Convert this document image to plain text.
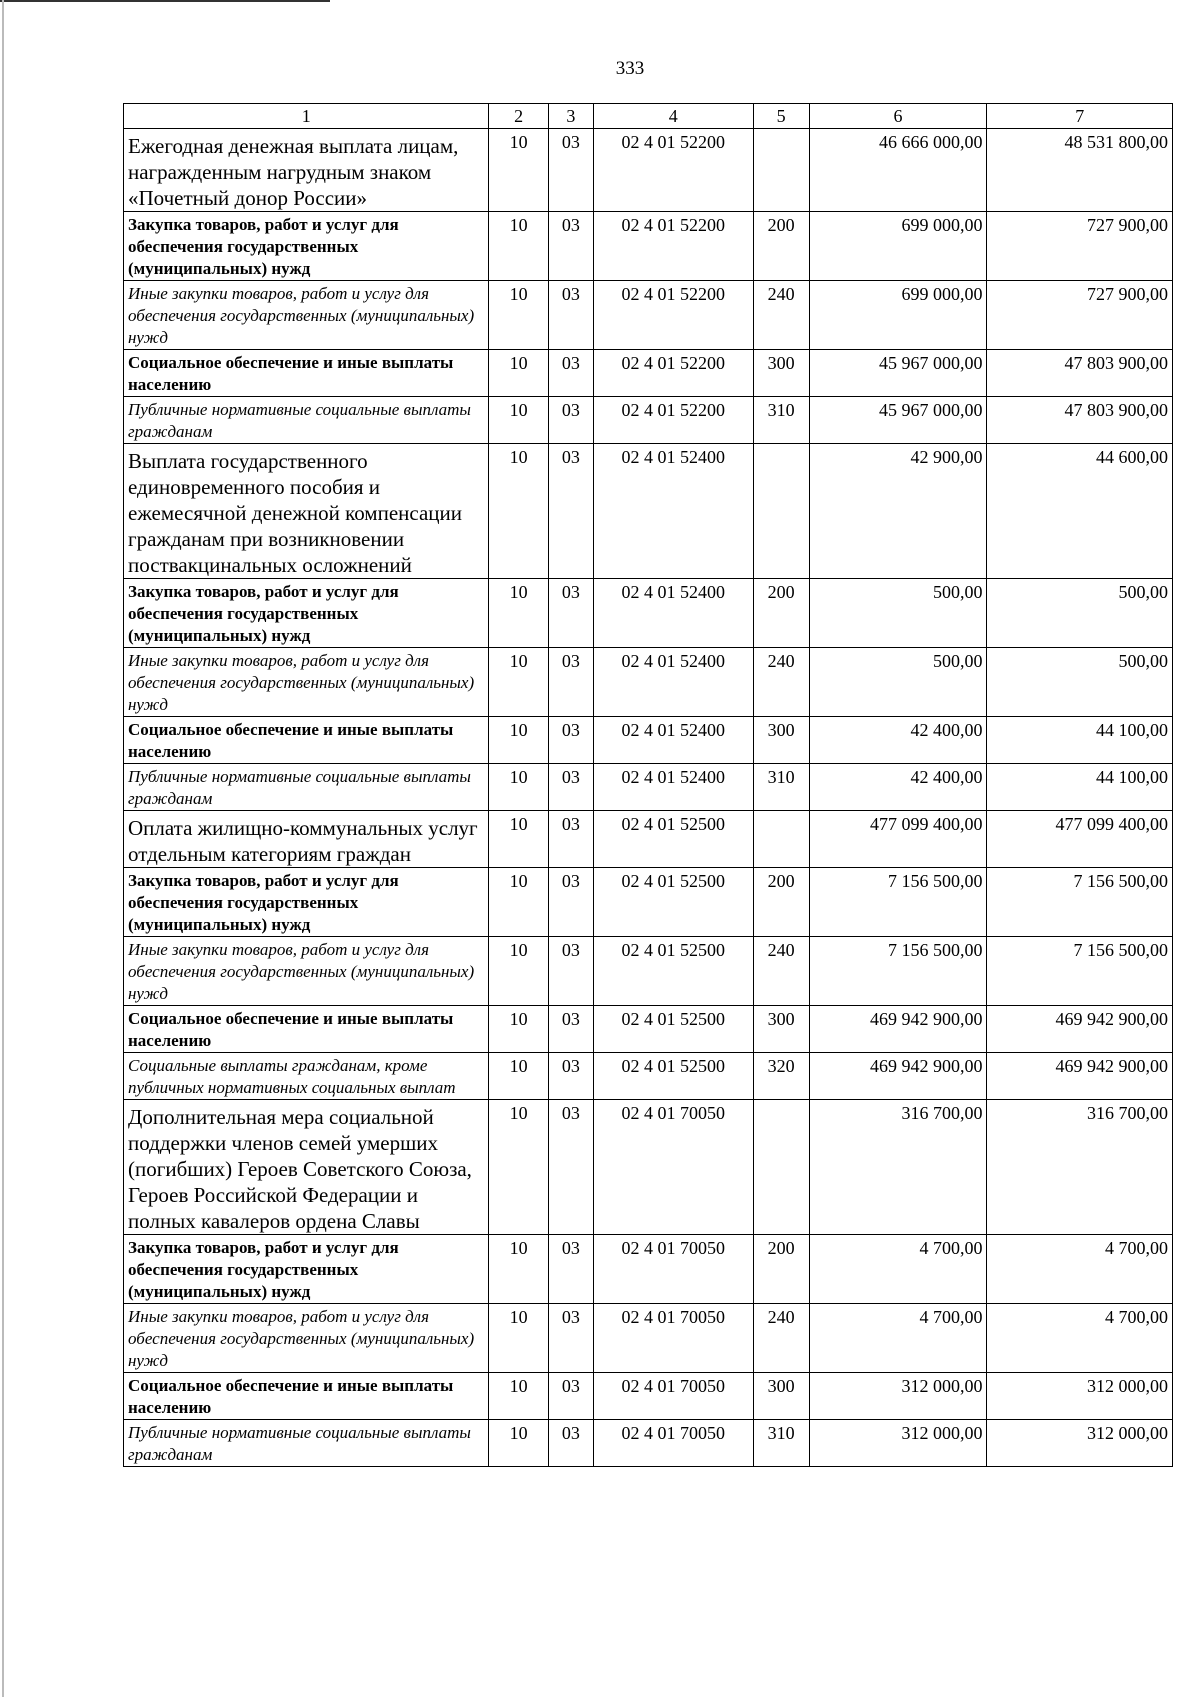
333
1	2	3	4	5	6	7
Ежегодная денежная выплата лицам, награжденным нагрудным знаком «Почетный донор России»	10	03	02 4 01 52200		46 666 000,00	48 531 800,00
Закупка товаров, работ и услуг для обеспечения государственных (муниципальных) нужд	10	03	02 4 01 52200	200	699 000,00	727 900,00
Иные закупки товаров, работ и услуг для обеспечения государственных (муниципальных) нужд	10	03	02 4 01 52200	240	699 000,00	727 900,00
Социальное обеспечение и иные выплаты населению	10	03	02 4 01 52200	300	45 967 000,00	47 803 900,00
Публичные нормативные социальные выплаты гражданам	10	03	02 4 01 52200	310	45 967 000,00	47 803 900,00
Выплата государственного единовременного пособия и ежемесячной денежной компенсации гражданам при возникновении поствакцинальных осложнений	10	03	02 4 01 52400		42 900,00	44 600,00
Закупка товаров, работ и услуг для обеспечения государственных (муниципальных) нужд	10	03	02 4 01 52400	200	500,00	500,00
Иные закупки товаров, работ и услуг для обеспечения государственных (муниципальных) нужд	10	03	02 4 01 52400	240	500,00	500,00
Социальное обеспечение и иные выплаты населению	10	03	02 4 01 52400	300	42 400,00	44 100,00
Публичные нормативные социальные выплаты гражданам	10	03	02 4 01 52400	310	42 400,00	44 100,00
Оплата жилищно-коммунальных услуг отдельным категориям граждан	10	03	02 4 01 52500		477 099 400,00	477 099 400,00
Закупка товаров, работ и услуг для обеспечения государственных (муниципальных) нужд	10	03	02 4 01 52500	200	7 156 500,00	7 156 500,00
Иные закупки товаров, работ и услуг для обеспечения государственных (муниципальных) нужд	10	03	02 4 01 52500	240	7 156 500,00	7 156 500,00
Социальное обеспечение и иные выплаты населению	10	03	02 4 01 52500	300	469 942 900,00	469 942 900,00
Социальные выплаты гражданам, кроме публичных нормативных социальных выплат	10	03	02 4 01 52500	320	469 942 900,00	469 942 900,00
Дополнительная мера социальной поддержки членов семей умерших (погибших) Героев Советского Союза, Героев Российской Федерации и полных кавалеров ордена Славы	10	03	02 4 01 70050		316 700,00	316 700,00
Закупка товаров, работ и услуг для обеспечения государственных (муниципальных) нужд	10	03	02 4 01 70050	200	4 700,00	4 700,00
Иные закупки товаров, работ и услуг для обеспечения государственных (муниципальных) нужд	10	03	02 4 01 70050	240	4 700,00	4 700,00
Социальное обеспечение и иные выплаты населению	10	03	02 4 01 70050	300	312 000,00	312 000,00
Публичные нормативные социальные выплаты гражданам	10	03	02 4 01 70050	310	312 000,00	312 000,00
